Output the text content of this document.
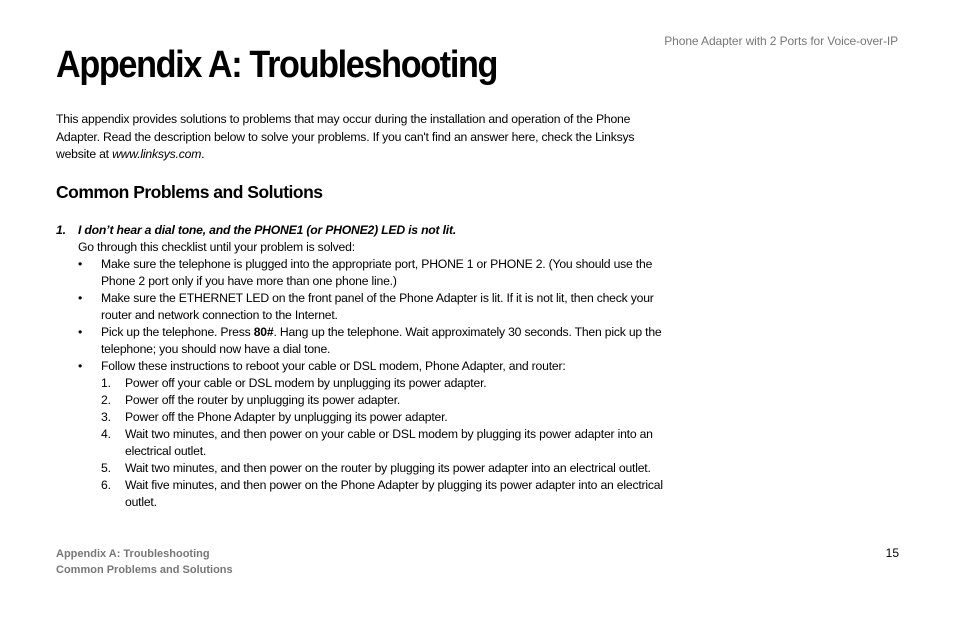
Phone Adapter with 2 Ports for Voice-over-IP
Appendix A: Troubleshooting

This appendix provides solutions to problems that may occur during the installation and operation of the Phone Adapter. Read the description below to solve your problems. If you can't find an answer here, check the Linksys website at www.linksys.com.

Common Problems and Solutions
1. I don’t hear a dial tone, and the PHONE1 (or PHONE2) LED is not lit.
Go through this checklist until your problem is solved:
• Make sure the telephone is plugged into the appropriate port, PHONE 1 or PHONE 2. (You should use the Phone 2 port only if you have more than one phone line.)
• Make sure the ETHERNET LED on the front panel of the Phone Adapter is lit. If it is not lit, then check your router and network connection to the Internet.
• Pick up the telephone. Press 80#. Hang up the telephone. Wait approximately 30 seconds. Then pick up the telephone; you should now have a dial tone.
• Follow these instructions to reboot your cable or DSL modem, Phone Adapter, and router:
1. Power off your cable or DSL modem by unplugging its power adapter.
2. Power off the router by unplugging its power adapter.
3. Power off the Phone Adapter by unplugging its power adapter.
4. Wait two minutes, and then power on your cable or DSL modem by plugging its power adapter into an electrical outlet.
5. Wait two minutes, and then power on the router by plugging its power adapter into an electrical outlet.
6. Wait five minutes, and then power on the Phone Adapter by plugging its power adapter into an electrical outlet.
Appendix A: Troubleshooting
Common Problems and Solutions
15
